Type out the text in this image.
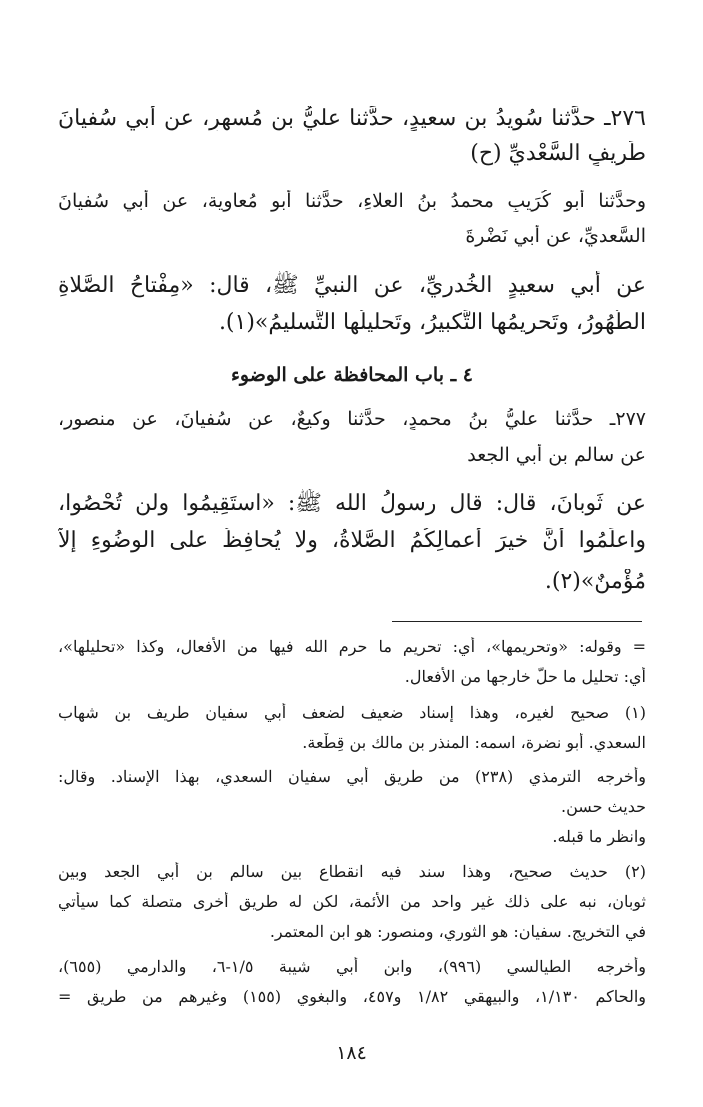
٢٧٦ـ حدَّثنا سُويدُ بن سعيدٍ، حدَّثنا عليُّ بن مُسهِرٍ، عن أبي سُفيانَ
طَرِيفٍ السَّعْديِّ (ح)
وحدَّثنا أبو كُرَيبٍ محمدُ بنُ العلاءِ، حدَّثنا أبو مُعاوية، عن أبي سُفيانَ
السَّعديِّ، عن أبي نَضْرةَ
عن أبي سعيدٍ الخُدريِّ، عن النبيِّ ﷺ، قال: «مِفْتاحُ الصَّلاةِ
الطُّهُورُ، وتَحريمُها التَّكبيرُ، وتَحليلُها التَّسليمُ»(١).
٤ ـ باب المحافظة على الوضوء
٢٧٧ـ حدَّثنا عليُّ بنُ محمدٍ، حدَّثنا وكيعٌ، عن سُفيانَ، عن منصورٍ،
عن سالم بن أبي الجعد
عن ثَوبانَ، قال: قال رسولُ الله ﷺ: «استَقِيمُوا ولن تُحْصُوا،
واعلَمُوا أنَّ خيرَ أعمالِكُمُ الصَّلاةُ، ولا يُحافِظُ على الوضُوءِ إلاَّ
مُؤْمنٌ»(٢).
= وقوله: «وتحريمها»، أي: تحريم ما حرم الله فيها من الأفعال، وكذا «تحليلها»،
أي: تحليل ما حلَّ خارجها من الأفعال.
(١) صحيح لغيره، وهذا إسناد ضعيف لضعف أبي سفيان طريف بن شهاب
السعدي. أبو نضرة، اسمه: المنذر بن مالك بن قِطْعة.
وأخرجه الترمذي (٢٣٨) من طريق أبي سفيان السعدي، بهذا الإسناد. وقال:
حديث حسن.
وانظر ما قبله.
(٢) حديث صحيح، وهذا سند فيه انقطاع بين سالم بن أبي الجعد وبين
ثوبان، نبه على ذلك غير واحد من الأئمة، لكن له طريق أخرى متصلة كما سيأتي
في التخريج. سفيان: هو الثوري، ومنصور: هو ابن المعتمر.
وأخرجه الطيالسي (٩٩٦)، وابن أبي شيبة ١/٥-٦، والدارمي (٦٥٥)،
والحاكم ١/١٣٠، والبيهقي ١/٨٢ و٤٥٧، والبغوي (١٥٥) وغيرهم من طريق =
١٨٤
